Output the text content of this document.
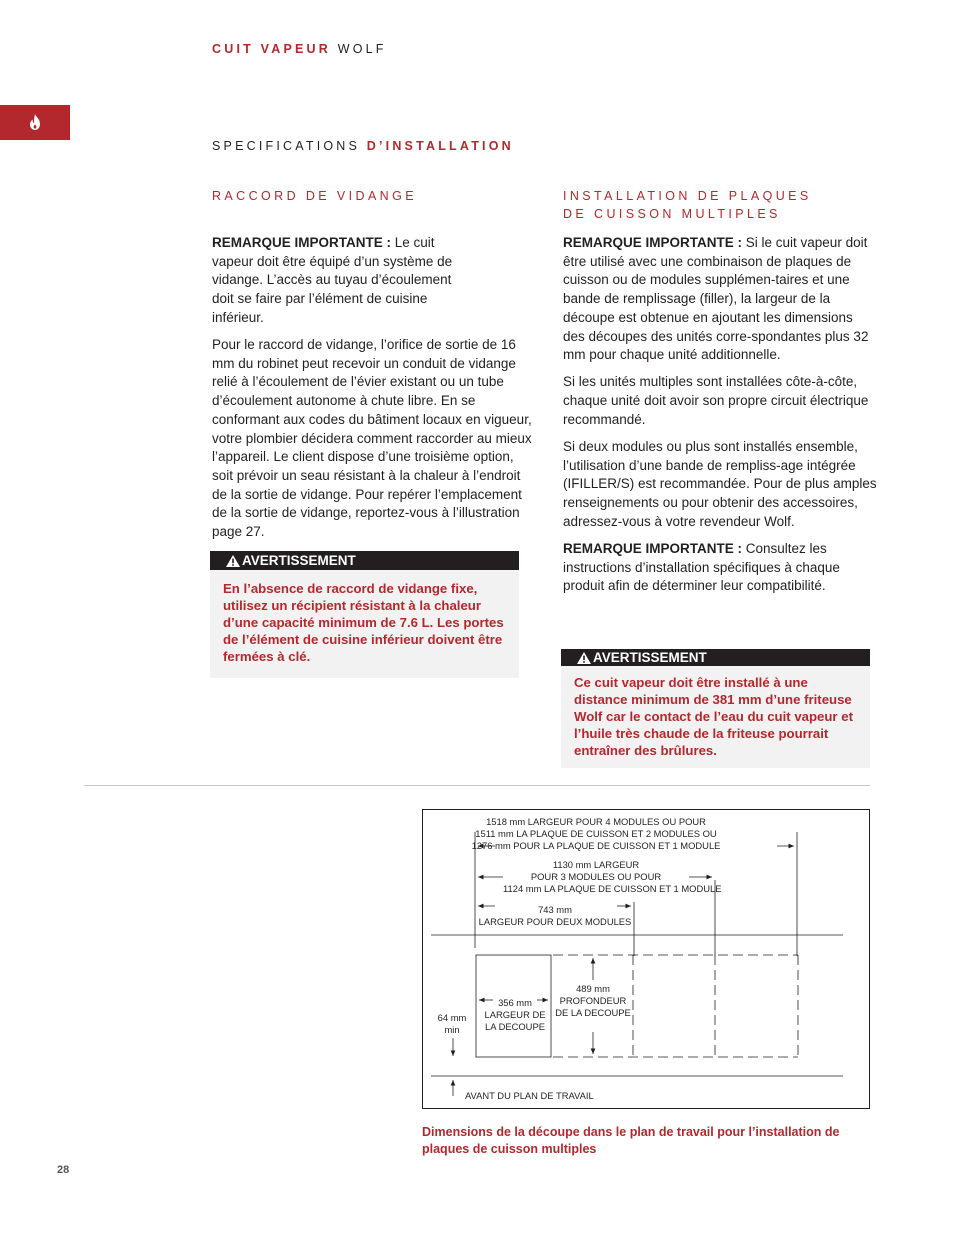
CUIT VAPEUR WOLF
SPECIFICATIONS D’INSTALLATION
RACCORD DE VIDANGE

REMARQUE IMPORTANTE : Le cuit vapeur doit être équipé d’un système de vidange. L’accès au tuyau d’écoulement doit se faire par l’élément de cuisine inférieur.

Pour le raccord de vidange, l’orifice de sortie de 16 mm du robinet peut recevoir un conduit de vidange relié à l’écoulement de l’évier existant ou un tube d’écoulement autonome à chute libre. En se conformant aux codes du bâtiment locaux en vigueur, votre plombier décidera comment raccorder au mieux l’appareil. Le client dispose d’une troisième option, soit prévoir un seau résistant à la chaleur à l’endroit de la sortie de vidange. Pour repérer l’emplacement de la sortie de vidange, reportez-vous à l’illustration page 27.

AVERTISSEMENT
En l’absence de raccord de vidange fixe, utilisez un récipient résistant à la chaleur d’une capacité minimum de 7.6 L. Les portes de l’élément de cuisine inférieur doivent être fermées à clé.
INSTALLATION DE PLAQUES
DE CUISSON MULTIPLES

REMARQUE IMPORTANTE : Si le cuit vapeur doit être utilisé avec une combinaison de plaques de cuisson ou de modules supplémen-taires et une bande de remplissage (filler), la largeur de la découpe est obtenue en ajoutant les dimensions des découpes des unités corre-spondantes plus 32 mm pour chaque unité additionnelle.

Si les unités multiples sont installées côte-à-côte, chaque unité doit avoir son propre circuit électrique recommandé.

Si deux modules ou plus sont installés ensemble, l’utilisation d’une bande de rempliss-age intégrée (IFILLER/S) est recommandée. Pour de plus amples renseignements ou pour obtenir des accessoires, adressez-vous à votre revendeur Wolf.

REMARQUE IMPORTANTE : Consultez les instructions d’installation spécifiques à chaque produit afin de déterminer leur compatibilité.

AVERTISSEMENT
Ce cuit vapeur doit être installé à une distance minimum de 381 mm d’une friteuse Wolf car le contact de l’eau du cuit vapeur et l’huile très chaude de la friteuse pourrait entraîner des brûlures.
1518 mm LARGEUR POUR 4 MODULES OU POUR
1511 mm LA PLAQUE DE CUISSON ET 2 MODULES OU
1276 mm POUR LA PLAQUE DE CUISSON ET 1 MODULE
1130 mm LARGEUR
POUR 3 MODULES OU POUR
1124 mm LA PLAQUE DE CUISSON ET 1 MODULE
743 mm
LARGEUR POUR DEUX MODULES
356 mm
LARGEUR DE
LA DECOUPE
489 mm
PROFONDEUR
DE LA DECOUPE
64 mm
min
AVANT DU PLAN DE TRAVAIL
Dimensions de la découpe dans le plan de travail pour l’installation de plaques de cuisson multiples
28
